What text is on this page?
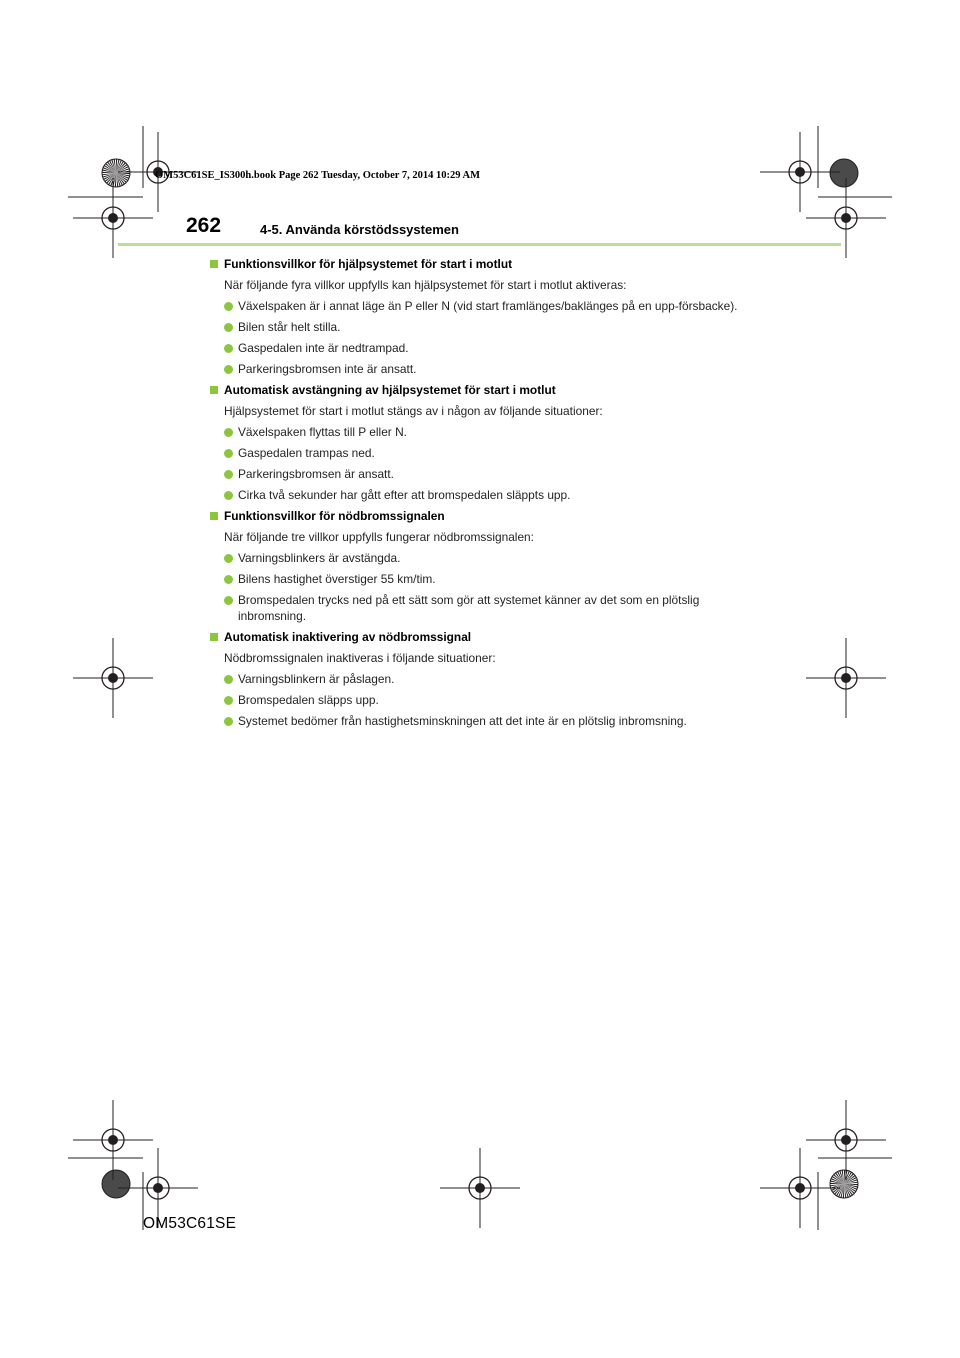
OM53C61SE_IS300h.book Page 262 Tuesday, October 7, 2014 10:29 AM
262	4-5. Använda körstödssystemen
Funktionsvillkor för hjälpsystemet för start i motlut
När följande fyra villkor uppfylls kan hjälpsystemet för start i motlut aktiveras:
Växelspaken är i annat läge än P eller N (vid start framlänges/baklänges på en upp-försbacke).
Bilen står helt stilla.
Gaspedalen inte är nedtrampad.
Parkeringsbromsen inte är ansatt.
Automatisk avstängning av hjälpsystemet för start i motlut
Hjälpsystemet för start i motlut stängs av i någon av följande situationer:
Växelspaken flyttas till P eller N.
Gaspedalen trampas ned.
Parkeringsbromsen är ansatt.
Cirka två sekunder har gått efter att bromspedalen släppts upp.
Funktionsvillkor för nödbromssignalen
När följande tre villkor uppfylls fungerar nödbromssignalen:
Varningsblinkers är avstängda.
Bilens hastighet överstiger 55 km/tim.
Bromspedalen trycks ned på ett sätt som gör att systemet känner av det som en plötslig inbromsning.
Automatisk inaktivering av nödbromssignal
Nödbromssignalen inaktiveras i följande situationer:
Varningsblinkern är påslagen.
Bromspedalen släpps upp.
Systemet bedömer från hastighetsminskningen att det inte är en plötslig inbromsning.
OM53C61SE
